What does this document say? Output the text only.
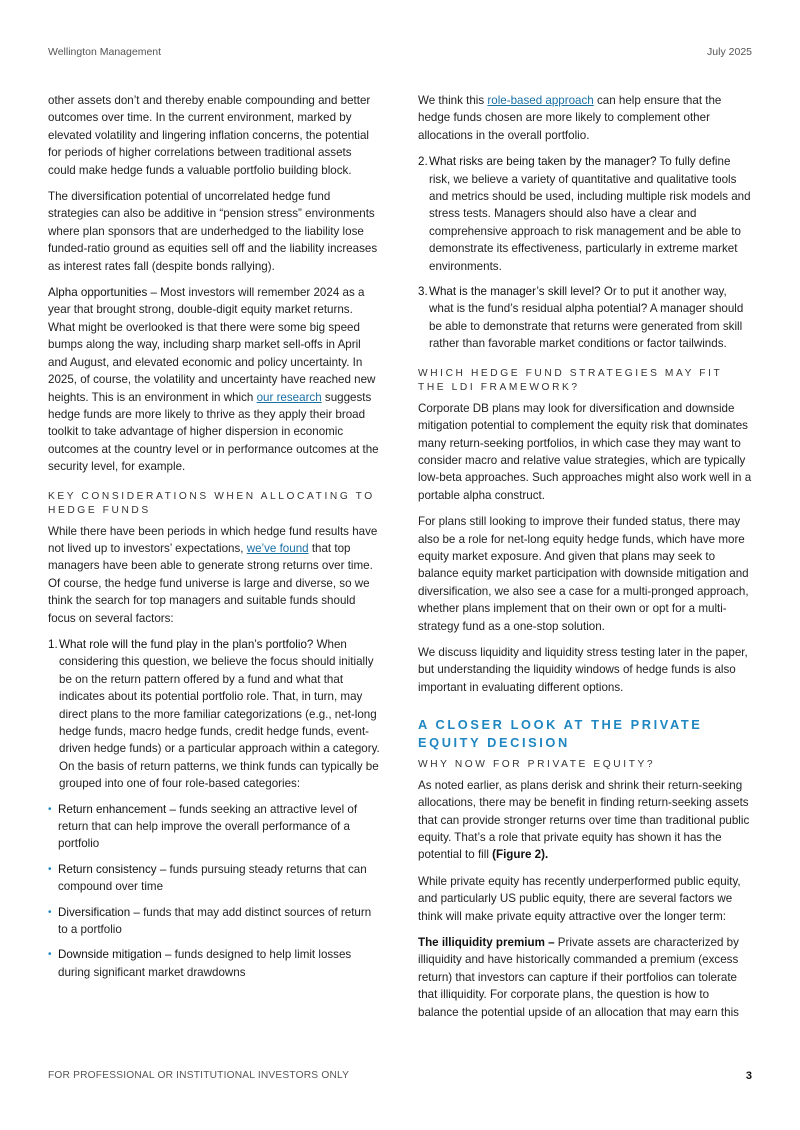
Wellington Management	July 2025

other assets don’t and thereby enable compounding and better outcomes over time. In the current environment, marked by elevated volatility and lingering inflation concerns, the potential for periods of higher correlations between traditional assets could make hedge funds a valuable portfolio building block.

The diversification potential of uncorrelated hedge fund strategies can also be additive in “pension stress” environments where plan sponsors that are underhedged to the liability lose funded-ratio ground as equities sell off and the liability increases as interest rates fall (despite bonds rallying).

Alpha opportunities – Most investors will remember 2024 as a year that brought strong, double-digit equity market returns. What might be overlooked is that there were some big speed bumps along the way, including sharp market sell-offs in April and August, and elevated economic and policy uncertainty. In 2025, of course, the volatility and uncertainty have reached new heights. This is an environment in which our research suggests hedge funds are more likely to thrive as they apply their broad toolkit to take advantage of higher dispersion in economic outcomes at the country level or in performance outcomes at the security level, for example.

KEY CONSIDERATIONS WHEN ALLOCATING TO HEDGE FUNDS

While there have been periods in which hedge fund results have not lived up to investors’ expectations, we’ve found that top managers have been able to generate strong returns over time. Of course, the hedge fund universe is large and diverse, so we think the search for top managers and suitable funds should focus on several factors:

1. What role will the fund play in the plan’s portfolio? When considering this question, we believe the focus should initially be on the return pattern offered by a fund and what that indicates about its potential portfolio role. That, in turn, may direct plans to the more familiar categorizations (e.g., net-long hedge funds, macro hedge funds, credit hedge funds, event-driven hedge funds) or a particular approach within a category. On the basis of return patterns, we think funds can typically be grouped into one of four role-based categories:
• Return enhancement – funds seeking an attractive level of return that can help improve the overall performance of a portfolio
• Return consistency – funds pursuing steady returns that can compound over time
• Diversification – funds that may add distinct sources of return to a portfolio
• Downside mitigation – funds designed to help limit losses during significant market drawdowns

We think this role-based approach can help ensure that the hedge funds chosen are more likely to complement other allocations in the overall portfolio.

2. What risks are being taken by the manager? To fully define risk, we believe a variety of quantitative and qualitative tools and metrics should be used, including multiple risk models and stress tests. Managers should also have a clear and comprehensive approach to risk management and be able to demonstrate its effectiveness, particularly in extreme market environments.
3. What is the manager’s skill level? Or to put it another way, what is the fund’s residual alpha potential? A manager should be able to demonstrate that returns were generated from skill rather than favorable market conditions or factor tailwinds.
WHICH HEDGE FUND STRATEGIES MAY FIT THE LDI FRAMEWORK?

Corporate DB plans may look for diversification and downside mitigation potential to complement the equity risk that dominates many return-seeking portfolios, in which case they may want to consider macro and relative value strategies, which are typically low-beta approaches. Such approaches might also work well in a portable alpha construct.

For plans still looking to improve their funded status, there may also be a role for net-long equity hedge funds, which have more equity market exposure. And given that plans may seek to balance equity market participation with downside mitigation and diversification, we also see a case for a multi-pronged approach, whether plans implement that on their own or opt for a multi-strategy fund as a one-stop solution.

We discuss liquidity and liquidity stress testing later in the paper, but understanding the liquidity windows of hedge funds is also important in evaluating different options.

A CLOSER LOOK AT THE PRIVATE EQUITY DECISION
WHY NOW FOR PRIVATE EQUITY?

As noted earlier, as plans derisk and shrink their return-seeking allocations, there may be benefit in finding return-seeking assets that can provide stronger returns over time than traditional public equity. That’s a role that private equity has shown it has the potential to fill (Figure 2).

While private equity has recently underperformed public equity, and particularly US public equity, there are several factors we think will make private equity attractive over the longer term:

The illiquidity premium – Private assets are characterized by illiquidity and have historically commanded a premium (excess return) that investors can capture if their portfolios can tolerate that illiquidity. For corporate plans, the question is how to balance the potential upside of an allocation that may earn this

FOR PROFESSIONAL OR INSTITUTIONAL INVESTORS ONLY	3
